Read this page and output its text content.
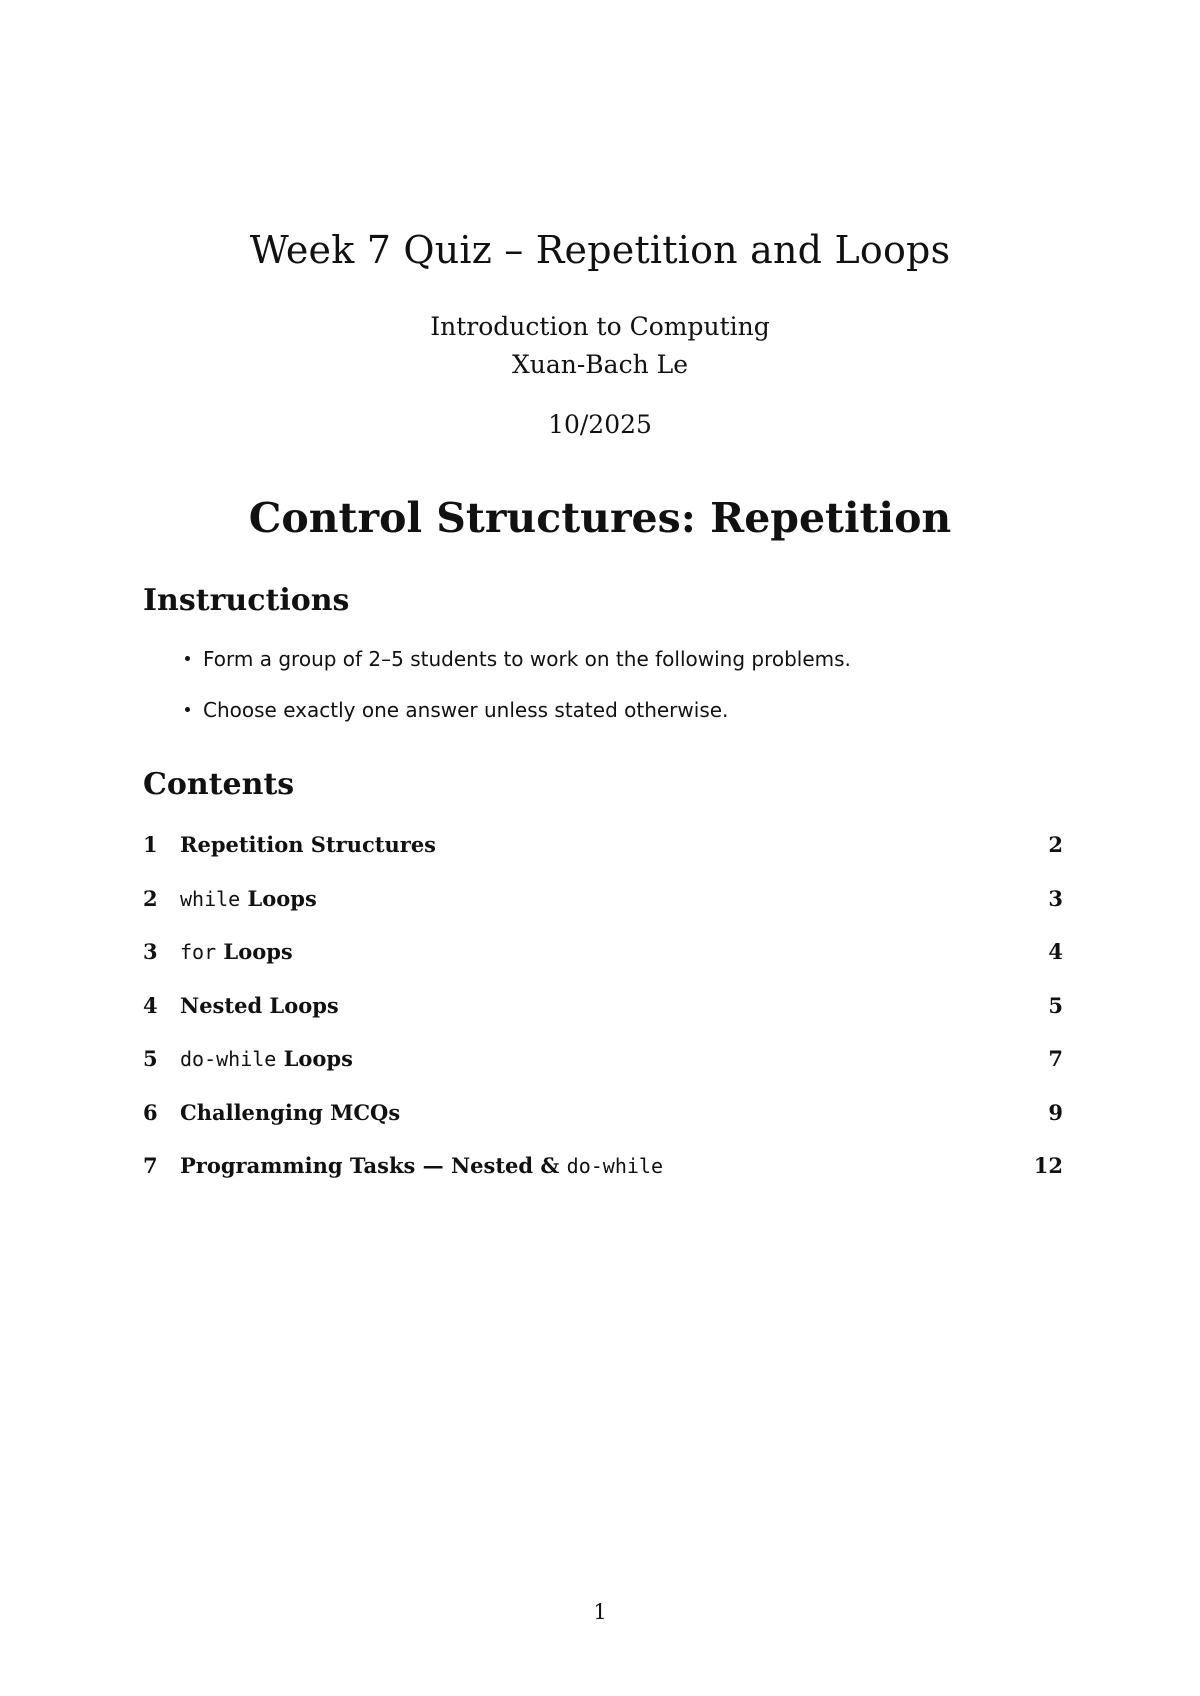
Week 7 Quiz – Repetition and Loops
Introduction to Computing
Xuan-Bach Le
10/2025
Control Structures: Repetition
Instructions
Form a group of 2–5 students to work on the following problems.
Choose exactly one answer unless stated otherwise.
Contents
1 Repetition Structures	2
2 while Loops	3
3 for Loops	4
4 Nested Loops	5
5 do-while Loops	7
6 Challenging MCQs	9
7 Programming Tasks — Nested & do-while	12
1
